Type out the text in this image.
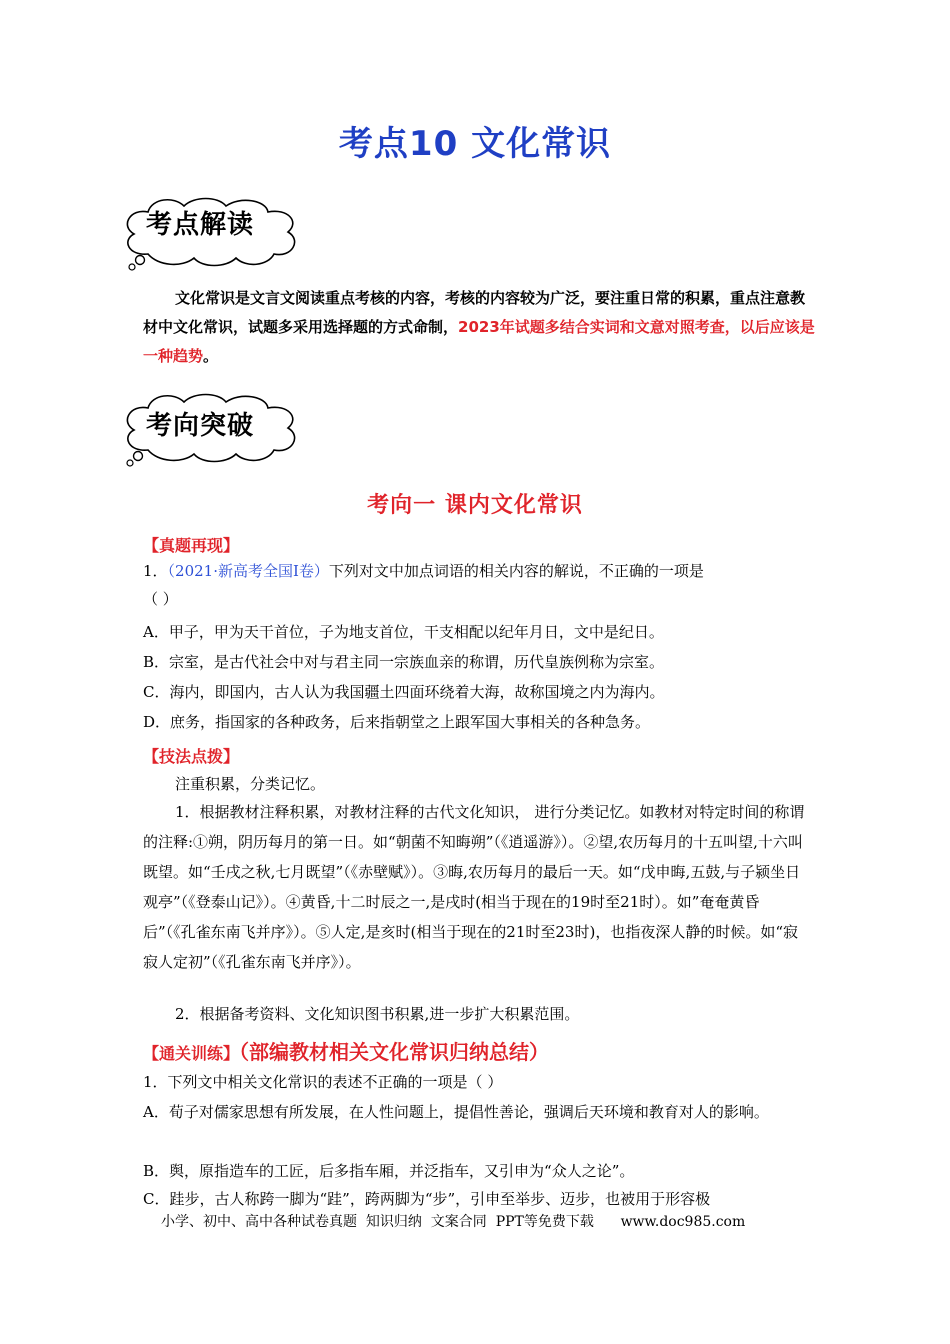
考点10 文化常识
考点解读
文化常识是文言文阅读重点考核的内容，考核的内容较为广泛，要注重日常的积累，重点注意教材中文化常识，试题多采用选择题的方式命制，2023年试题多结合实词和文意对照考查，以后应该是一种趋势。
考向突破
考向一 课内文化常识
【真题再现】
1．（2021·新高考全国I卷）下列对文中加点词语的相关内容的解说，不正确的一项是
（ ）
A．甲子，甲为天干首位，子为地支首位，干支相配以纪年月日，文中是纪日。
B．宗室，是古代社会中对与君主同一宗族血亲的称谓，历代皇族例称为宗室。
C．海内，即国内，古人认为我国疆土四面环绕着大海，故称国境之内为海内。
D．庶务，指国家的各种政务，后来指朝堂之上跟军国大事相关的各种急务。
【技法点拨】
注重积累，分类记忆。
1．根据教材注释积累，对教材注释的古代文化知识， 进行分类记忆。如教材对特定时间的称谓的注释:①朔，阴历每月的第一日。如“朝菌不知晦朔”（《逍遥游》）。②望,农历每月的十五叫望,十六叫既望。如“壬戌之秋,七月既望”（《赤壁赋》）。③晦,农历每月的最后一天。如“戊申晦,五鼓,与子颍坐日观亭”（《登泰山记》）。④黄昏,十二时辰之一,是戌时(相当于现在的19时至21时）。如”奄奄黄昏后”（《孔雀东南飞并序》）。⑤人定,是亥时(相当于现在的21时至23时)，也指夜深人静的时候。如“寂寂人定初”（《孔雀东南飞并序》）。
2．根据备考资料、文化知识图书积累,进一步扩大积累范围。
【通关训练】（部编教材相关文化常识归纳总结）
1．下列文中相关文化常识的表述不正确的一项是（ ）
A．荀子对儒家思想有所发展，在人性问题上，提倡性善论，强调后天环境和教育对人的影响。
B．舆，原指造车的工匠，后多指车厢，并泛指车，又引申为“众人之论”。
C．跬步，古人称跨一脚为“跬”，跨两脚为“步”，引申至举步、迈步，也被用于形容极
小学、初中、高中各种试卷真题  知识归纳  文案合同  PPT等免费下载      www.doc985.com
